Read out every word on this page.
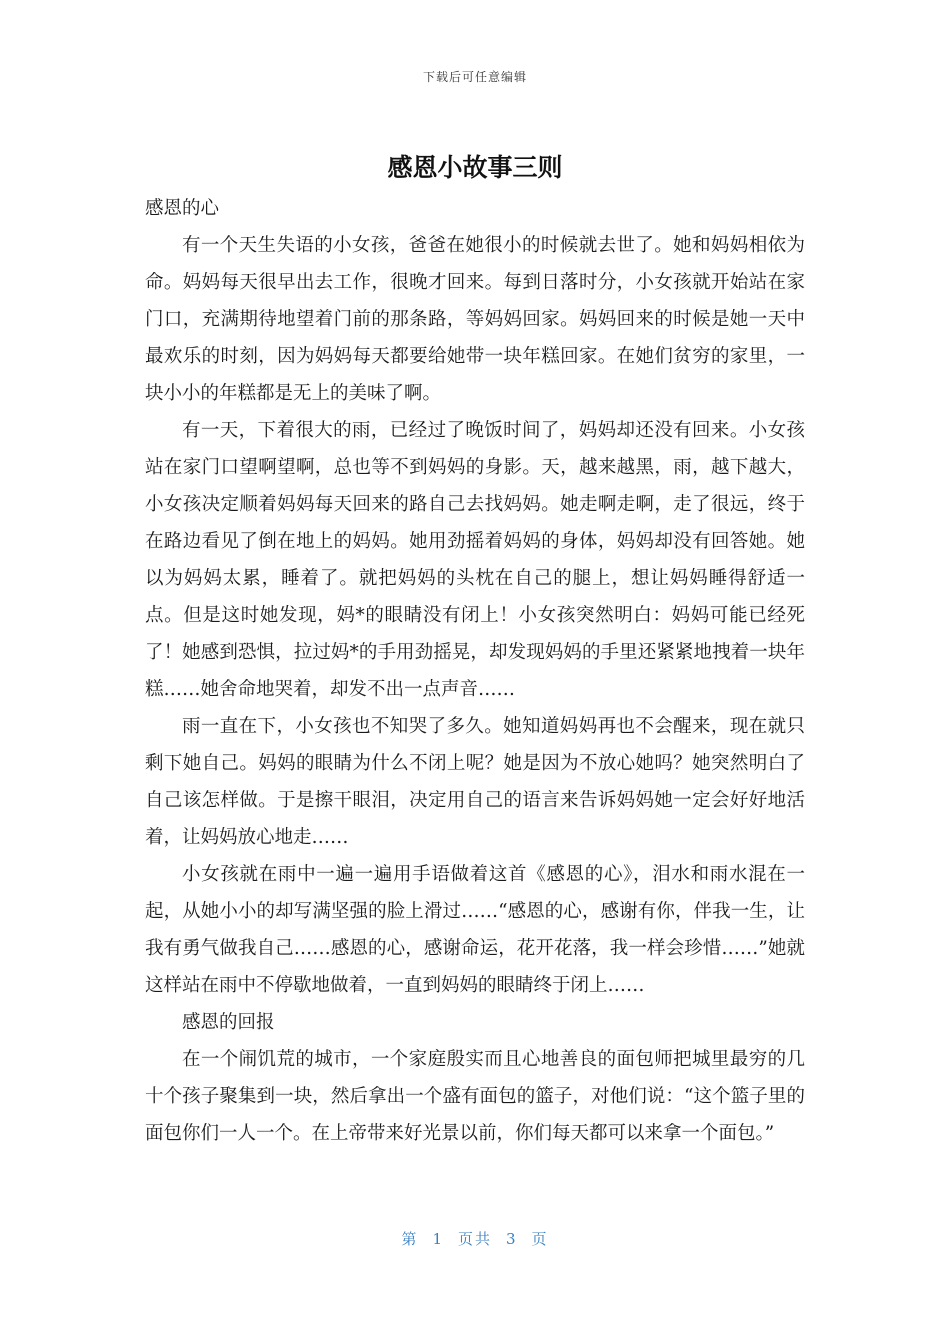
下载后可任意编辑
感恩小故事三则

感恩的心

有一个天生失语的小女孩，爸爸在她很小的时候就去世了。她和妈妈相依为命。妈妈每天很早出去工作，很晚才回来。每到日落时分，小女孩就开始站在家门口，充满期待地望着门前的那条路，等妈妈回家。妈妈回来的时候是她一天中最欢乐的时刻，因为妈妈每天都要给她带一块年糕回家。在她们贫穷的家里，一块小小的年糕都是无上的美味了啊。

有一天，下着很大的雨，已经过了晚饭时间了，妈妈却还没有回来。小女孩站在家门口望啊望啊，总也等不到妈妈的身影。天，越来越黑，雨，越下越大，小女孩决定顺着妈妈每天回来的路自己去找妈妈。她走啊走啊，走了很远，终于在路边看见了倒在地上的妈妈。她用劲摇着妈妈的身体，妈妈却没有回答她。她以为妈妈太累，睡着了。就把妈妈的头枕在自己的腿上，想让妈妈睡得舒适一点。但是这时她发现，妈*的眼睛没有闭上！小女孩突然明白：妈妈可能已经死了！她感到恐惧，拉过妈*的手用劲摇晃，却发现妈妈的手里还紧紧地拽着一块年糕……她舍命地哭着，却发不出一点声音……

雨一直在下，小女孩也不知哭了多久。她知道妈妈再也不会醒来，现在就只剩下她自己。妈妈的眼睛为什么不闭上呢？她是因为不放心她吗？她突然明白了自己该怎样做。于是擦干眼泪，决定用自己的语言来告诉妈妈她一定会好好地活着，让妈妈放心地走……

小女孩就在雨中一遍一遍用手语做着这首《感恩的心》，泪水和雨水混在一起，从她小小的却写满坚强的脸上滑过……“感恩的心，感谢有你，伴我一生，让我有勇气做我自己……感恩的心，感谢命运，花开花落，我一样会珍惜……”她就这样站在雨中不停歇地做着，一直到妈妈的眼睛终于闭上……

感恩的回报

在一个闹饥荒的城市，一个家庭殷实而且心地善良的面包师把城里最穷的几十个孩子聚集到一块，然后拿出一个盛有面包的篮子，对他们说：“这个篮子里的面包你们一人一个。在上帝带来好光景以前，你们每天都可以来拿一个面包。”

第 1 页共 3 页
